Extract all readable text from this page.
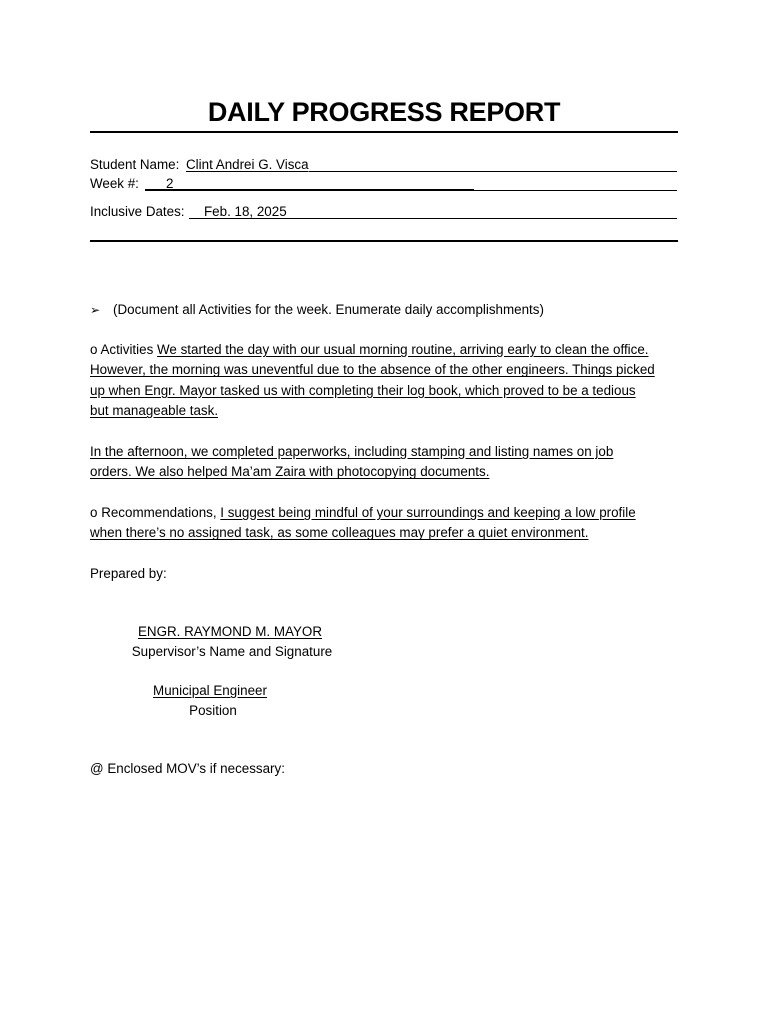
DAILY PROGRESS REPORT
Student Name: Clint Andrei G. Visca
Week #: 2
Inclusive Dates: Feb. 18, 2025
➢ (Document all Activities for the week. Enumerate daily accomplishments)
o Activities We started the day with our usual morning routine, arriving early to clean the office.
However, the morning was uneventful due to the absence of the other engineers. Things picked
up when Engr. Mayor tasked us with completing their log book, which proved to be a tedious
but manageable task.
In the afternoon, we completed paperworks, including stamping and listing names on job
orders. We also helped Ma’am Zaira with photocopying documents.
o Recommendations, I suggest being mindful of your surroundings and keeping a low profile
when there’s no assigned task, as some colleagues may prefer a quiet environment.
Prepared by:
ENGR. RAYMOND M. MAYOR
Supervisor’s Name and Signature
Municipal Engineer
Position
@ Enclosed MOV’s if necessary:
